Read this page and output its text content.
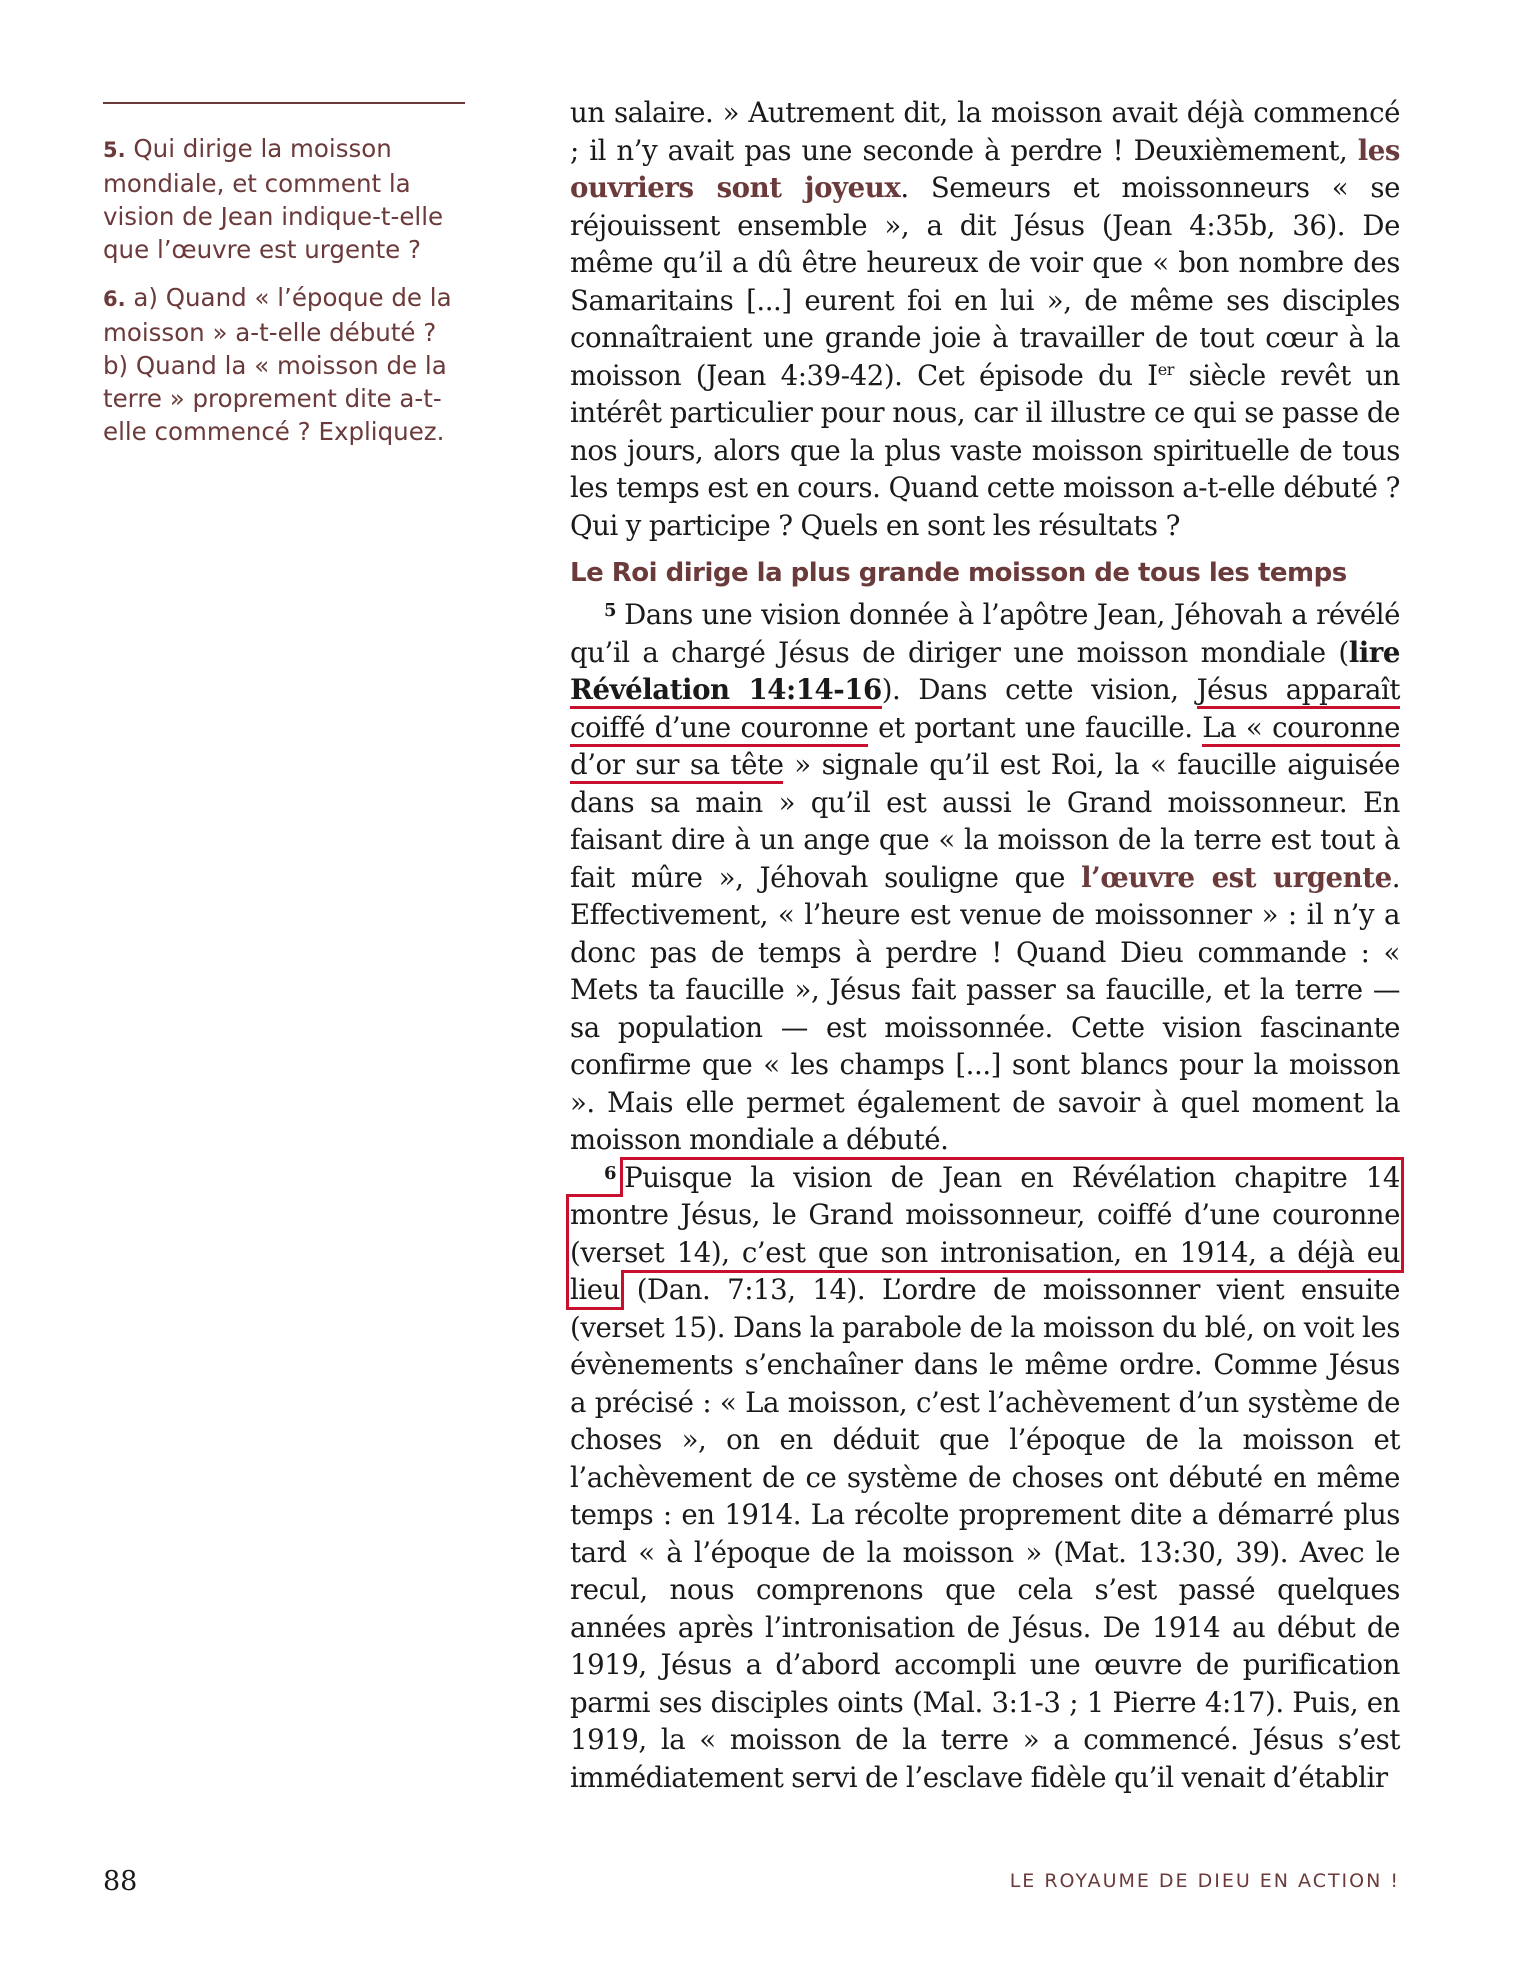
5. Qui dirige la moisson mondiale, et comment la vision de Jean indique-t-elle que l’œuvre est urgente ?
6. a) Quand « l’époque de la moisson » a-t-elle débuté ? b) Quand la « moisson de la terre » proprement dite a-t-elle commencé ? Expliquez.

un salaire. » Autrement dit, la moisson avait déjà commencé ; il n’y avait pas une seconde à perdre ! Deuxièmement, les ouvriers sont joyeux. Semeurs et moissonneurs « se réjouissent ensemble », a dit Jésus (Jean 4:35b, 36). De même qu’il a dû être heureux de voir que « bon nombre des Samaritains [...] eurent foi en lui », de même ses disciples connaîtraient une grande joie à travailler de tout cœur à la moisson (Jean 4:39-42). Cet épisode du Ier siècle revêt un intérêt particulier pour nous, car il illustre ce qui se passe de nos jours, alors que la plus vaste moisson spirituelle de tous les temps est en cours. Quand cette moisson a-t-elle débuté ? Qui y participe ? Quels en sont les résultats ?

Le Roi dirige la plus grande moisson de tous les temps

$^5$ Dans une vision donnée à l’apôtre Jean, Jéhovah a révélé qu’il a chargé Jésus de diriger une moisson mondiale (lire Révélation 14:14-16). Dans cette vision, Jésus apparaît coiffé d’une couronne et portant une faucille. La « couronne d’or sur sa tête » signale qu’il est Roi, la « faucille aiguisée dans sa main » qu’il est aussi le Grand moissonneur. En faisant dire à un ange que « la moisson de la terre est tout à fait mûre », Jéhovah souligne que l’œuvre est urgente. Effectivement, « l’heure est venue de moissonner » : il n’y a donc pas de temps à perdre ! Quand Dieu commande : « Mets ta faucille », Jésus fait passer sa faucille, et la terre — sa population — est moissonnée. Cette vision fascinante confirme que « les champs [...] sont blancs pour la moisson ». Mais elle permet également de savoir à quel moment la moisson mondiale a débuté.

$^6$ Puisque la vision de Jean en Révélation chapitre 14 montre Jésus, le Grand moissonneur, coiffé d’une couronne (verset 14), c’est que son intronisation, en 1914, a déjà eu lieu (Dan. 7:13, 14). L’ordre de moissonner vient ensuite (verset 15). Dans la parabole de la moisson du blé, on voit les évènements s’enchaîner dans le même ordre. Comme Jésus a précisé : « La moisson, c’est l’achèvement d’un système de choses », on en déduit que l’époque de la moisson et l’achèvement de ce système de choses ont débuté en même temps : en 1914. La récolte proprement dite a démarré plus tard « à l’époque de la moisson » (Mat. 13:30, 39). Avec le recul, nous comprenons que cela s’est passé quelques années après l’intronisation de Jésus. De 1914 au début de 1919, Jésus a d’abord accompli une œuvre de purification parmi ses disciples oints (Mal. 3:1-3 ; 1 Pierre 4:17). Puis, en 1919, la « moisson de la terre » a commencé. Jésus s’est immédiatement servi de l’esclave fidèle qu’il venait d’établir

88	LE ROYAUME DE DIEU EN ACTION !
